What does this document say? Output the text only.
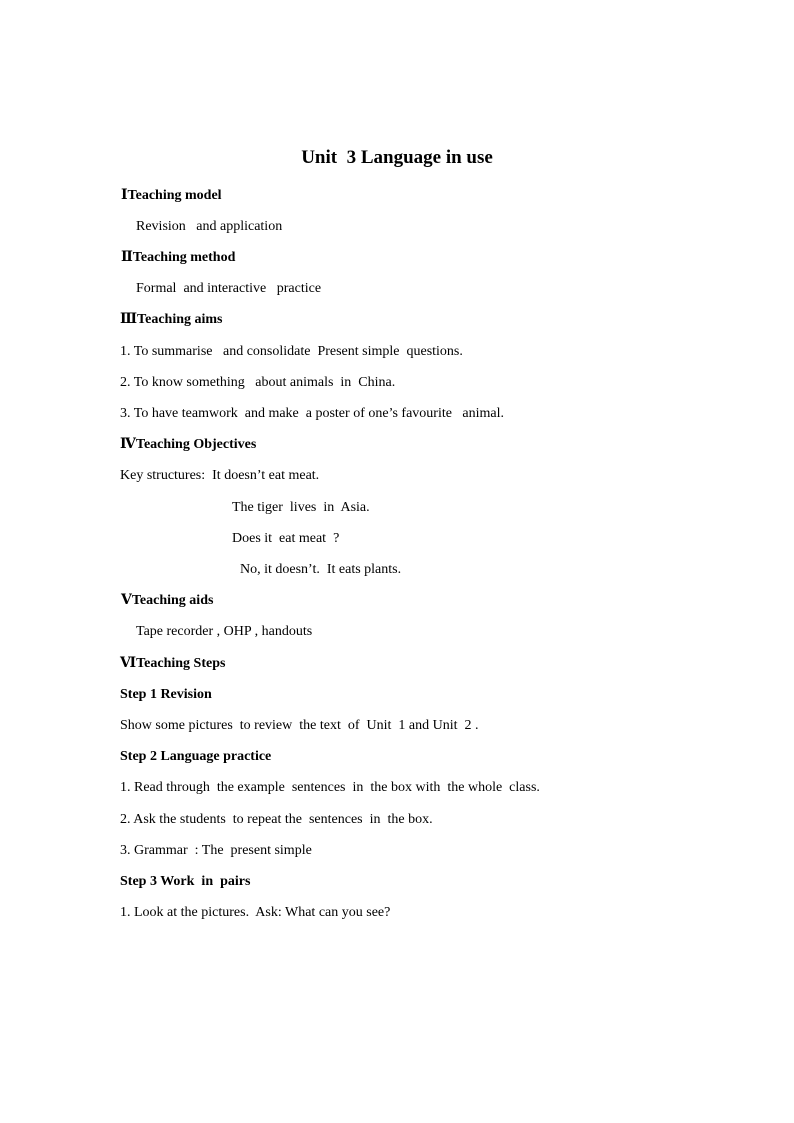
Unit  3 Language in use
ⅠTeaching model
Revision   and application
ⅡTeaching method
Formal  and interactive   practice
ⅢTeaching aims
1. To summarise   and consolidate  Present simple  questions.
2. To know something   about animals  in  China.
3. To have teamwork  and make  a poster of one’s favourite   animal.
ⅣTeaching Objectives
Key structures:  It doesn’t eat meat.
The tiger  lives  in  Asia.
Does it  eat meat  ?
No, it doesn’t.  It eats plants.
ⅤTeaching aids
Tape recorder , OHP , handouts
ⅥTeaching Steps
Step 1 Revision
Show some pictures  to review  the text  of  Unit  1 and Unit  2 .
Step 2 Language practice
1. Read through  the example  sentences  in  the box with  the whole  class.
2. Ask the students  to repeat the  sentences  in  the box.
3. Grammar  : The  present simple
Step 3 Work  in  pairs
1. Look at the pictures.  Ask: What can you see?
